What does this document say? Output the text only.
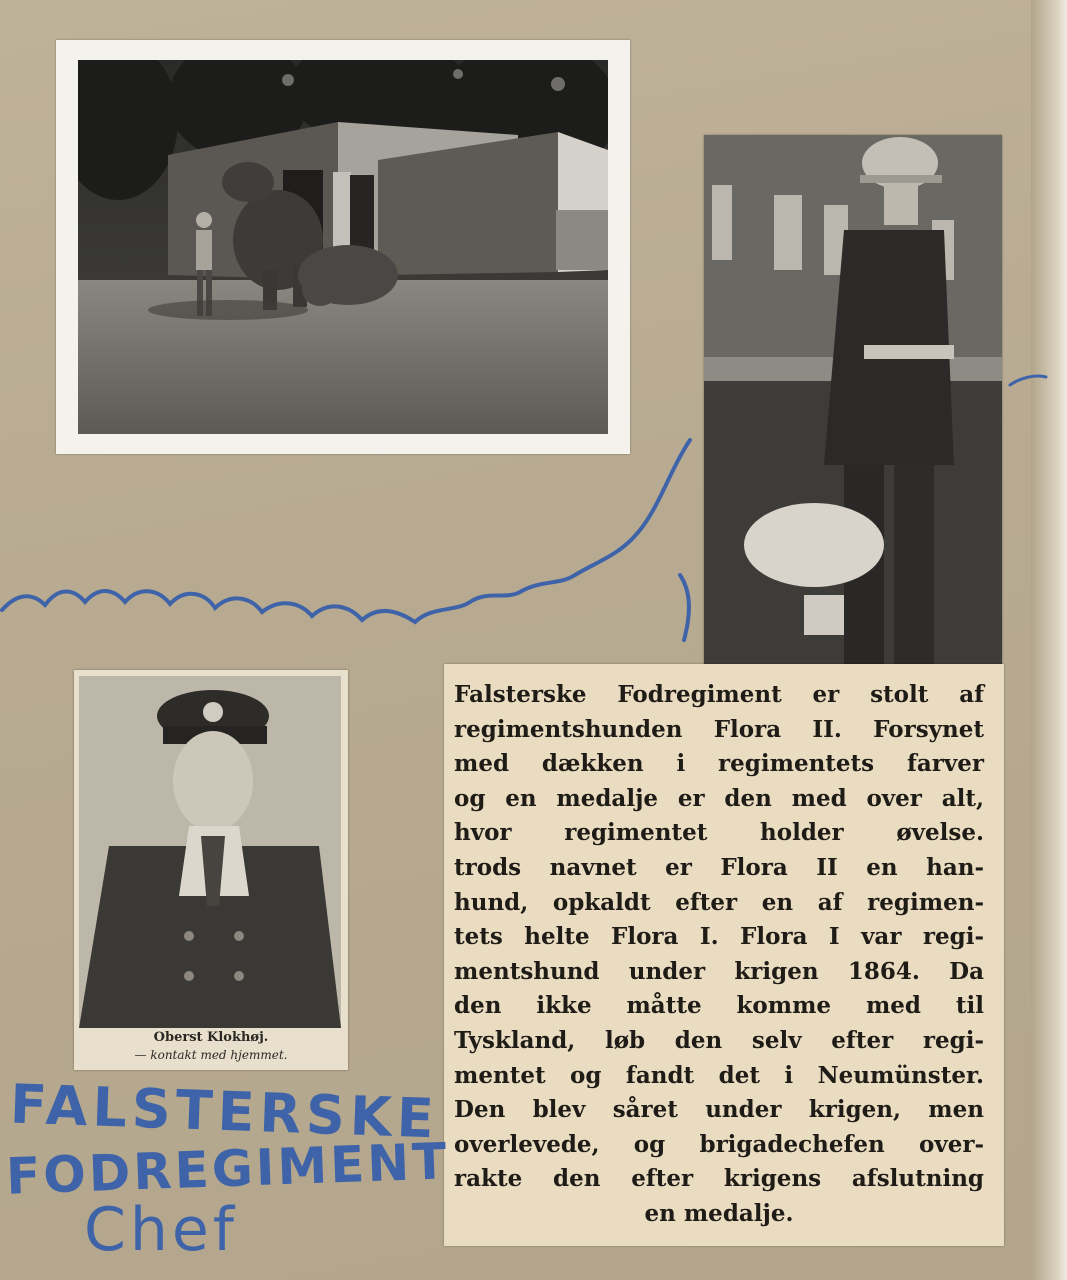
Oberst Klokhøj.
— kontakt med hjemmet.
Falsterske Fodregiment er stolt af
regimentshunden Flora II. Forsynet
med dækken i regimentets farver
og en medalje er den med over alt,
hvor regimentet holder øvelse.
trods navnet er Flora II en han-
hund, opkaldt efter en af regimen-
tets helte Flora I. Flora I var regi-
mentshund under krigen 1864. Da
den ikke måtte komme med til
Tyskland, løb den selv efter regi-
mentet og fandt det i Neumünster.
Den blev såret under krigen, men
overlevede, og brigadechefen over-
rakte den efter krigens afslutning
en medalje.
FALSTERSKE
FODREGIMENT
Chef
